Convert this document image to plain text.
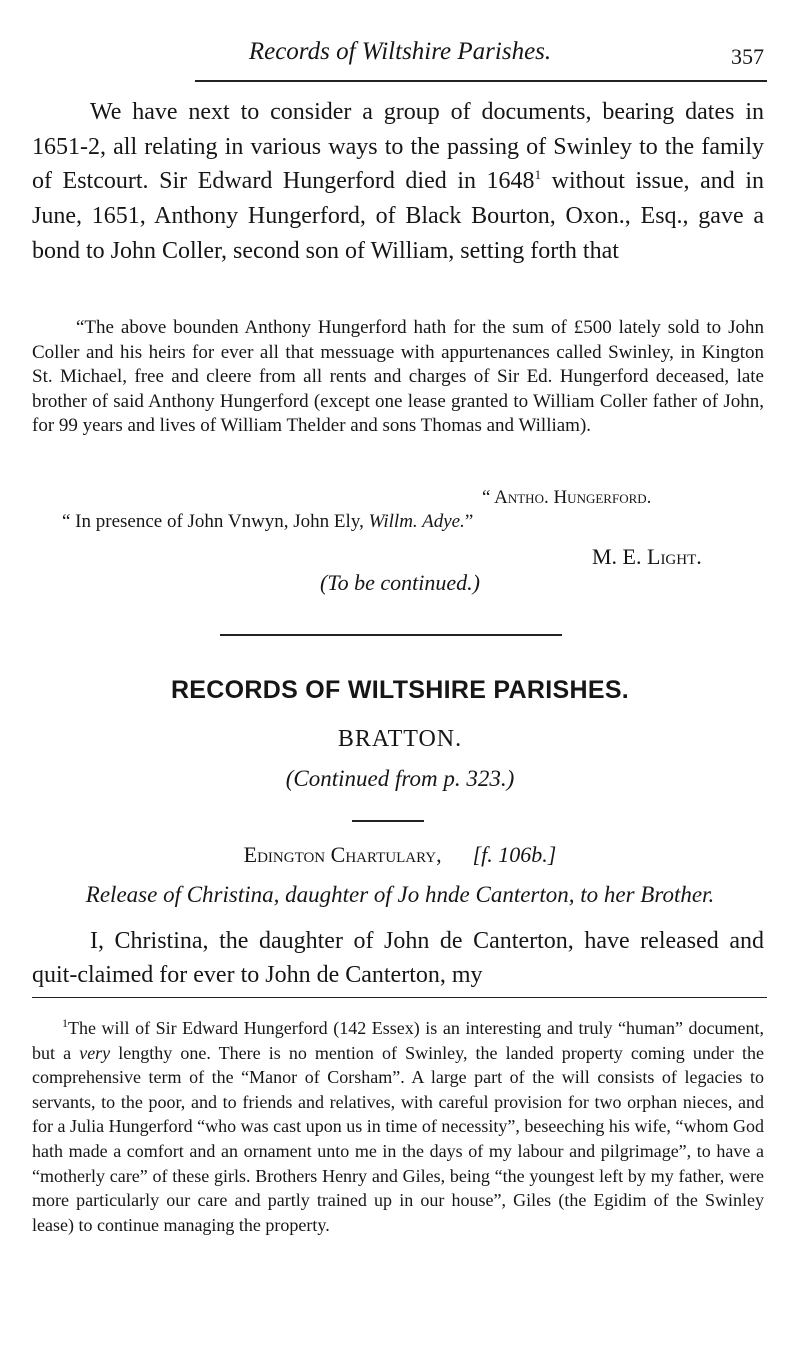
Records of Wiltshire Parishes.	357

We have next to consider a group of documents, bearing dates in 1651-2, all relating in various ways to the passing of Swinley to the family of Estcourt. Sir Edward Hungerford died in 1648$^1$ without issue, and in June, 1651, Anthony Hungerford, of Black Bourton, Oxon., Esq., gave a bond to John Coller, second son of William, setting forth that

“The above bounden Anthony Hungerford hath for the sum of £500 lately sold to John Coller and his heirs for ever all that messuage with appurtenances called Swinley, in Kington St. Michael, free and cleere from all rents and charges of Sir Ed. Hungerford deceased, late brother of said Anthony Hungerford (except one lease granted to William Coller father of John, for 99 years and lives of William Thelder and sons Thomas and William).

“ Antho. Hungerford.
“ In presence of John Vnwyn, John Ely, Willm. Adye.”
M. E. Light.
(To be continued.)
RECORDS OF WILTSHIRE PARISHES.
BRATTON.
(Continued from p. 323.)
Edington Chartulary, [f. 106b.]
Release of Christina, daughter of Jo hnde Canterton, to her Brother.

I, Christina, the daughter of John de Canterton, have released and quit-claimed for ever to John de Canterton, my

$^1$The will of Sir Edward Hungerford (142 Essex) is an interesting and truly “human” document, but a very lengthy one. There is no mention of Swinley, the landed property coming under the comprehensive term of the “Manor of Corsham”. A large part of the will consists of legacies to servants, to the poor, and to friends and relatives, with careful provision for two orphan nieces, and for a Julia Hungerford “who was cast upon us in time of necessity”, beseeching his wife, “whom God hath made a comfort and an ornament unto me in the days of my labour and pilgrimage”, to have a “motherly care” of these girls. Brothers Henry and Giles, being “the youngest left by my father, were more particularly our care and partly trained up in our house”, Giles (the Egidim of the Swinley lease) to continue managing the property.
